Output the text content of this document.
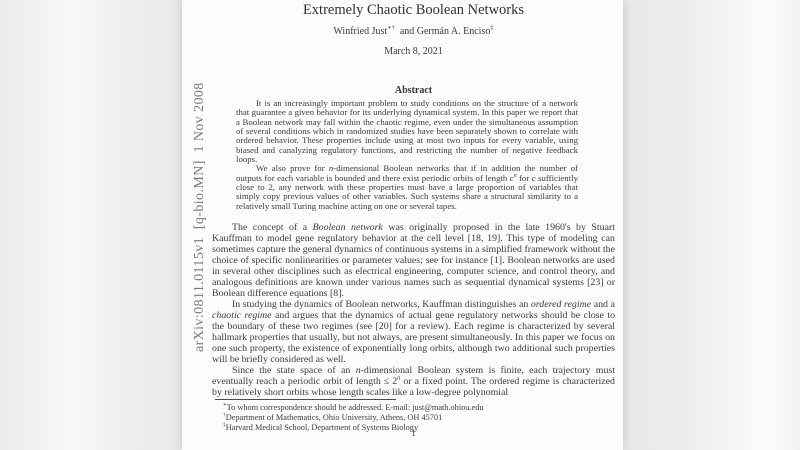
arXiv:0811.0115v1  [q-bio.MN]  1 Nov 2008
Extremely Chaotic Boolean Networks
Winfried Just∗†  and Germán A. Enciso‡
March 8, 2021
Abstract

It is an increasingly important problem to study conditions on the structure of a network that guarantee a given behavior for its underlying dynamical system. In this paper we report that a Boolean network may fall within the chaotic regime, even under the simultaneous assumption of several conditions which in randomized studies have been separately shown to correlate with ordered behavior. These properties include using at most two inputs for every variable, using biased and canalyzing regulatory functions, and restricting the number of negative feedback loops.

We also prove for n-dimensional Boolean networks that if in addition the number of outputs for each variable is bounded and there exist periodic orbits of length $c^n$ for c sufficiently close to 2, any network with these properties must have a large proportion of variables that simply copy previous values of other variables. Such systems share a structural similarity to a relatively small Turing machine acting on one or several tapes.

The concept of a Boolean network was originally proposed in the late 1960's by Stuart Kauffman to model gene regulatory behavior at the cell level [18, 19]. This type of modeling can sometimes capture the general dynamics of continuous systems in a simplified framework without the choice of specific nonlinearities or parameter values; see for instance [1]. Boolean networks are used in several other disciplines such as electrical engineering, computer science, and control theory, and analogous definitions are known under various names such as sequential dynamical systems [23] or Boolean difference equations [8].

In studying the dynamics of Boolean networks, Kauffman distinguishes an ordered regime and a chaotic regime and argues that the dynamics of actual gene regulatory networks should be close to the boundary of these two regimes (see [20] for a review). Each regime is characterized by several hallmark properties that usually, but not always, are present simultaneously. In this paper we focus on one such property, the existence of exponentially long orbits, although two additional such properties will be briefly considered as well.

Since the state space of an n-dimensional Boolean system is finite, each trajectory must eventually reach a periodic orbit of length ≤ $2^n$ or a fixed point. The ordered regime is characterized by relatively short orbits whose length scales like a low-degree polynomial

∗To whom correspondence should be addressed. E-mail: just@math.ohiou.edu

†Department of Mathematics, Ohio University, Athens, OH 45701

‡Harvard Medical School, Department of Systems Biology

1
